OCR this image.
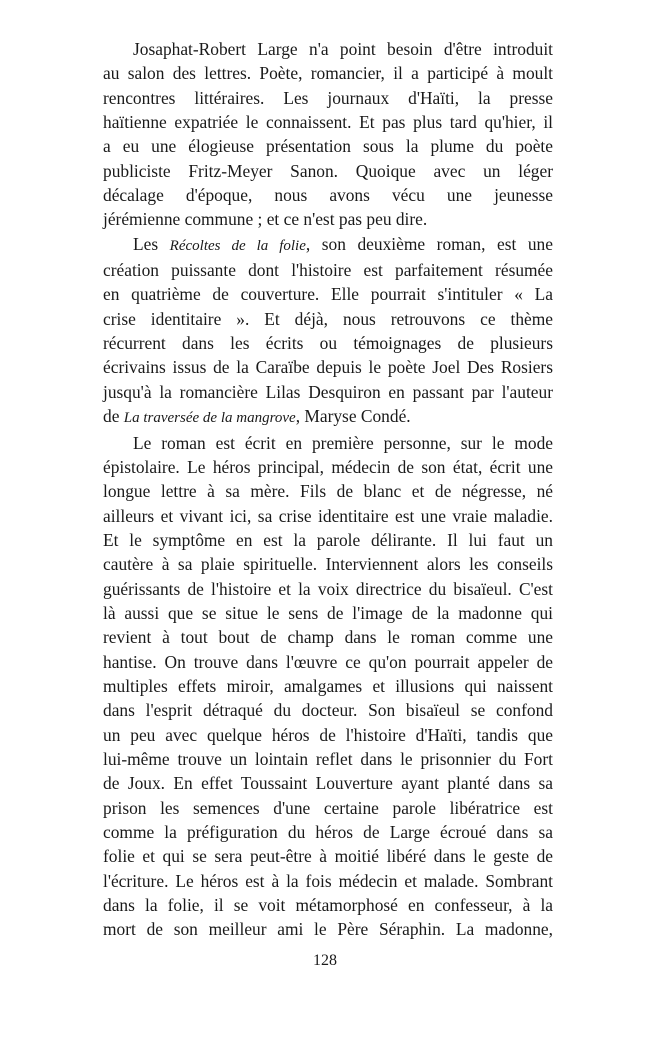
Josaphat-Robert Large n'a point besoin d'être introduit
au salon des lettres. Poète, romancier, il a participé à moult
rencontres littéraires. Les journaux d'Haïti, la presse
haïtienne expatriée le connaissent. Et pas plus tard qu'hier, il
a eu une élogieuse présentation sous la plume du poète
publiciste Fritz-Meyer Sanon. Quoique avec un léger
décalage d'époque, nous avons vécu une jeunesse
jérémienne commune ; et ce n'est pas peu dire.
Les Récoltes de la folie, son deuxième roman, est une
création puissante dont l'histoire est parfaitement résumée
en quatrième de couverture. Elle pourrait s'intituler « La
crise identitaire ». Et déjà, nous retrouvons ce thème
récurrent dans les écrits ou témoignages de plusieurs
écrivains issus de la Caraïbe depuis le poète Joel Des Rosiers
jusqu'à la romancière Lilas Desquiron en passant par l'auteur
de La traversée de la mangrove, Maryse Condé.
Le roman est écrit en première personne, sur le mode
épistolaire. Le héros principal, médecin de son état, écrit une
longue lettre à sa mère. Fils de blanc et de négresse, né
ailleurs et vivant ici, sa crise identitaire est une vraie maladie.
Et le symptôme en est la parole délirante. Il lui faut un
cautère à sa plaie spirituelle. Interviennent alors les conseils
guérissants de l'histoire et la voix directrice du bisaïeul. C'est
là aussi que se situe le sens de l'image de la madonne qui
revient à tout bout de champ dans le roman comme une
hantise. On trouve dans l'œuvre ce qu'on pourrait appeler de
multiples effets miroir, amalgames et illusions qui naissent
dans l'esprit détraqué du docteur. Son bisaïeul se confond
un peu avec quelque héros de l'histoire d'Haïti, tandis que
lui-même trouve un lointain reflet dans le prisonnier du Fort
de Joux. En effet Toussaint Louverture ayant planté dans sa
prison les semences d'une certaine parole libératrice est
comme la préfiguration du héros de Large écroué dans sa
folie et qui se sera peut-être à moitié libéré dans le geste de
l'écriture. Le héros est à la fois médecin et malade. Sombrant
dans la folie, il se voit métamorphosé en confesseur, à la
mort de son meilleur ami le Père Séraphin. La madonne,
128
